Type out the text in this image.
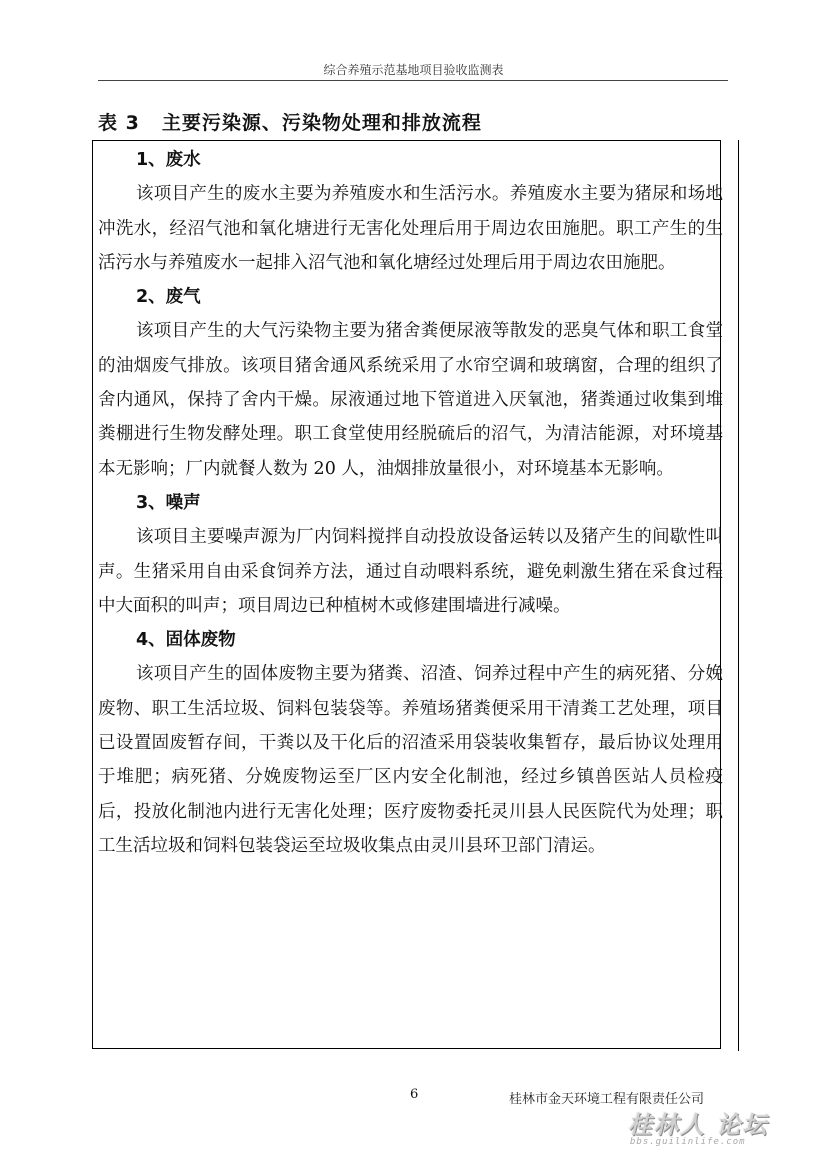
综合养殖示范基地项目验收监测表
表 3 主要污染源、污染物处理和排放流程

1、废水

该项目产生的废水主要为养殖废水和生活污水。养殖废水主要为猪尿和场地冲洗水，经沼气池和氧化塘进行无害化处理后用于周边农田施肥。职工产生的生活污水与养殖废水一起排入沼气池和氧化塘经过处理后用于周边农田施肥。

2、废气

该项目产生的大气污染物主要为猪舍粪便尿液等散发的恶臭气体和职工食堂的油烟废气排放。该项目猪舍通风系统采用了水帘空调和玻璃窗，合理的组织了舍内通风，保持了舍内干燥。尿液通过地下管道进入厌氧池，猪粪通过收集到堆粪棚进行生物发酵处理。职工食堂使用经脱硫后的沼气，为清洁能源，对环境基本无影响；厂内就餐人数为 20 人，油烟排放量很小，对环境基本无影响。

3、噪声

该项目主要噪声源为厂内饲料搅拌自动投放设备运转以及猪产生的间歇性叫声。生猪采用自由采食饲养方法，通过自动喂料系统，避免刺激生猪在采食过程中大面积的叫声；项目周边已种植树木或修建围墙进行减噪。

4、固体废物

该项目产生的固体废物主要为猪粪、沼渣、饲养过程中产生的病死猪、分娩废物、职工生活垃圾、饲料包装袋等。养殖场猪粪便采用干清粪工艺处理，项目已设置固废暂存间，干粪以及干化后的沼渣采用袋装收集暂存，最后协议处理用于堆肥；病死猪、分娩废物运至厂区内安全化制池，经过乡镇兽医站人员检疫后，投放化制池内进行无害化处理；医疗废物委托灵川县人民医院代为处理；职工生活垃圾和饲料包装袋运至垃圾收集点由灵川县环卫部门清运。

6	桂林市金天环境工程有限责任公司
桂林人 论坛
bbs.guilinlife.com
